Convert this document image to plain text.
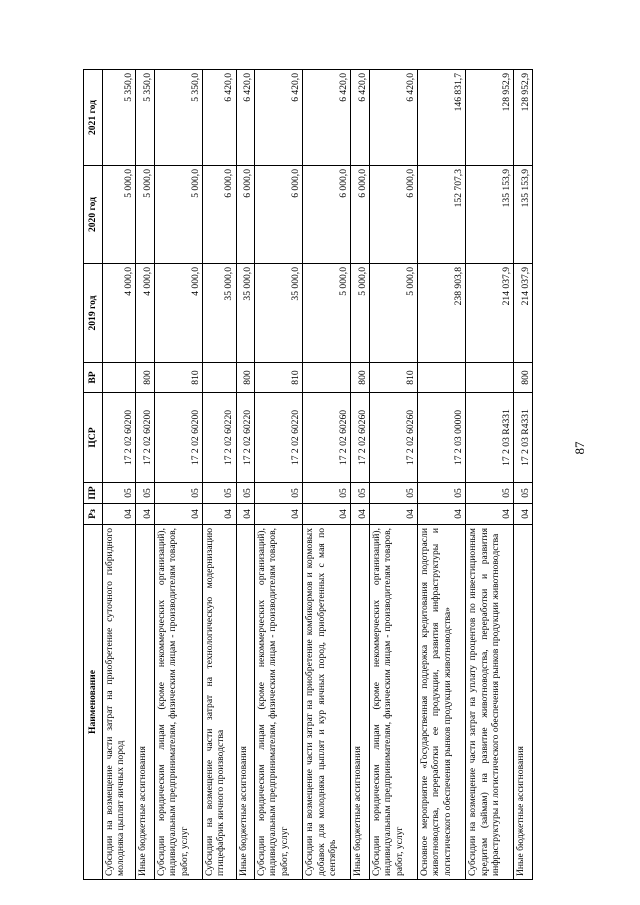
87
Наименование	Рз	ПР	ЦСР	ВР	2019 год	2020 год	2021 год
Субсидии на возмещение части затрат на приобретение суточного гибридного молодняка цыплят яичных пород	04	05	17 2 02 60200		4 000,0	5 000,0	5 350,0
Иные бюджетные ассигнования	04	05	17 2 02 60200	800	4 000,0	5 000,0	5 350,0
Субсидии юридическим лицам (кроме некоммерческих организаций), индивидуальным предпринимателям, физическим лицам - производителям товаров, работ, услуг	04	05	17 2 02 60200	810	4 000,0	5 000,0	5 350,0
Субсидии на возмещение части затрат на технологическую модернизацию птицефабрик яичного производства	04	05	17 2 02 60220		35 000,0	6 000,0	6 420,0
Иные бюджетные ассигнования	04	05	17 2 02 60220	800	35 000,0	6 000,0	6 420,0
Субсидии юридическим лицам (кроме некоммерческих организаций), индивидуальным предпринимателям, физическим лицам - производителям товаров, работ, услуг	04	05	17 2 02 60220	810	35 000,0	6 000,0	6 420,0
Субсидии на возмещение части затрат на приобретение комбикормов и кормовых добавок для молодняка цыплят и кур яичных пород, приобретенных с мая по сентябрь	04	05	17 2 02 60260		5 000,0	6 000,0	6 420,0
Иные бюджетные ассигнования	04	05	17 2 02 60260	800	5 000,0	6 000,0	6 420,0
Субсидии юридическим лицам (кроме некоммерческих организаций), индивидуальным предпринимателям, физическим лицам - производителям товаров, работ, услуг	04	05	17 2 02 60260	810	5 000,0	6 000,0	6 420,0
Основное мероприятие «Государственная поддержка кредитования подотрасли животноводства, переработки ее продукции, развития инфраструктуры и логистического обеспечения рынков продукции животноводства»	04	05	17 2 03 00000		238 903,8	152 707,3	146 831,7
Субсидии на возмещение части затрат на уплату процентов по инвестиционным кредитам (займам) на развитие животноводства, переработки и развития инфраструктуры и логистического обеспечения рынков продукции животноводства	04	05	17 2 03 R4331		214 037,9	135 153,9	128 952,9
Иные бюджетные ассигнования	04	05	17 2 03 R4331	800	214 037,9	135 153,9	128 952,9
